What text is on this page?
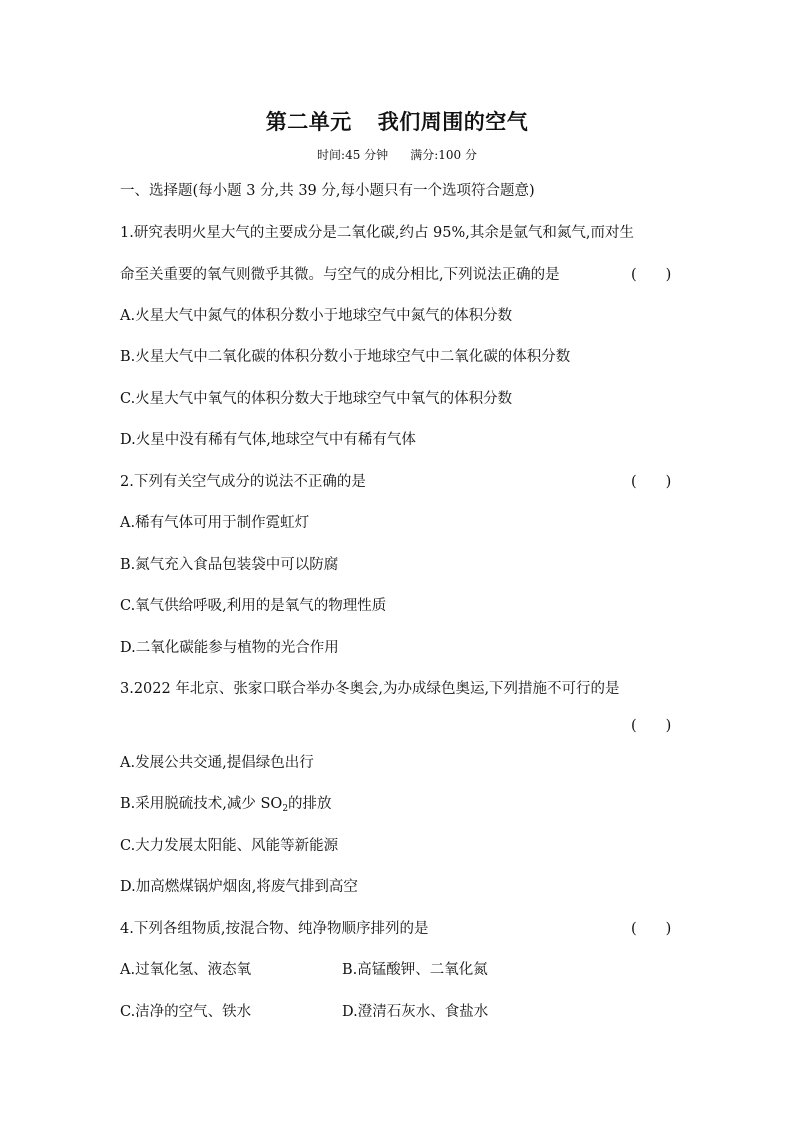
第二单元 我们周围的空气
时间:45 分钟 满分:100 分
一、选择题(每小题 3 分,共 39 分,每小题只有一个选项符合题意)
1.研究表明火星大气的主要成分是二氧化碳,约占 95%,其余是氩气和氮气,而对生
命至关重要的氧气则微乎其微。与空气的成分相比,下列说法正确的是	(　　)
A.火星大气中氮气的体积分数小于地球空气中氮气的体积分数
B.火星大气中二氧化碳的体积分数小于地球空气中二氧化碳的体积分数
C.火星大气中氧气的体积分数大于地球空气中氧气的体积分数
D.火星中没有稀有气体,地球空气中有稀有气体
2.下列有关空气成分的说法不正确的是	(　　)
A.稀有气体可用于制作霓虹灯
B.氮气充入食品包装袋中可以防腐
C.氧气供给呼吸,利用的是氧气的物理性质
D.二氧化碳能参与植物的光合作用
3.2022 年北京、张家口联合举办冬奥会,为办成绿色奥运,下列措施不可行的是
(　　)
A.发展公共交通,提倡绿色出行
B.采用脱硫技术,减少 $SO_2$的排放
C.大力发展太阳能、风能等新能源
D.加高燃煤锅炉烟囱,将废气排到高空
4.下列各组物质,按混合物、纯净物顺序排列的是	(　　)
A.过氧化氢、液态氧	B.高锰酸钾、二氧化氮
C.洁净的空气、铁水	D.澄清石灰水、食盐水
